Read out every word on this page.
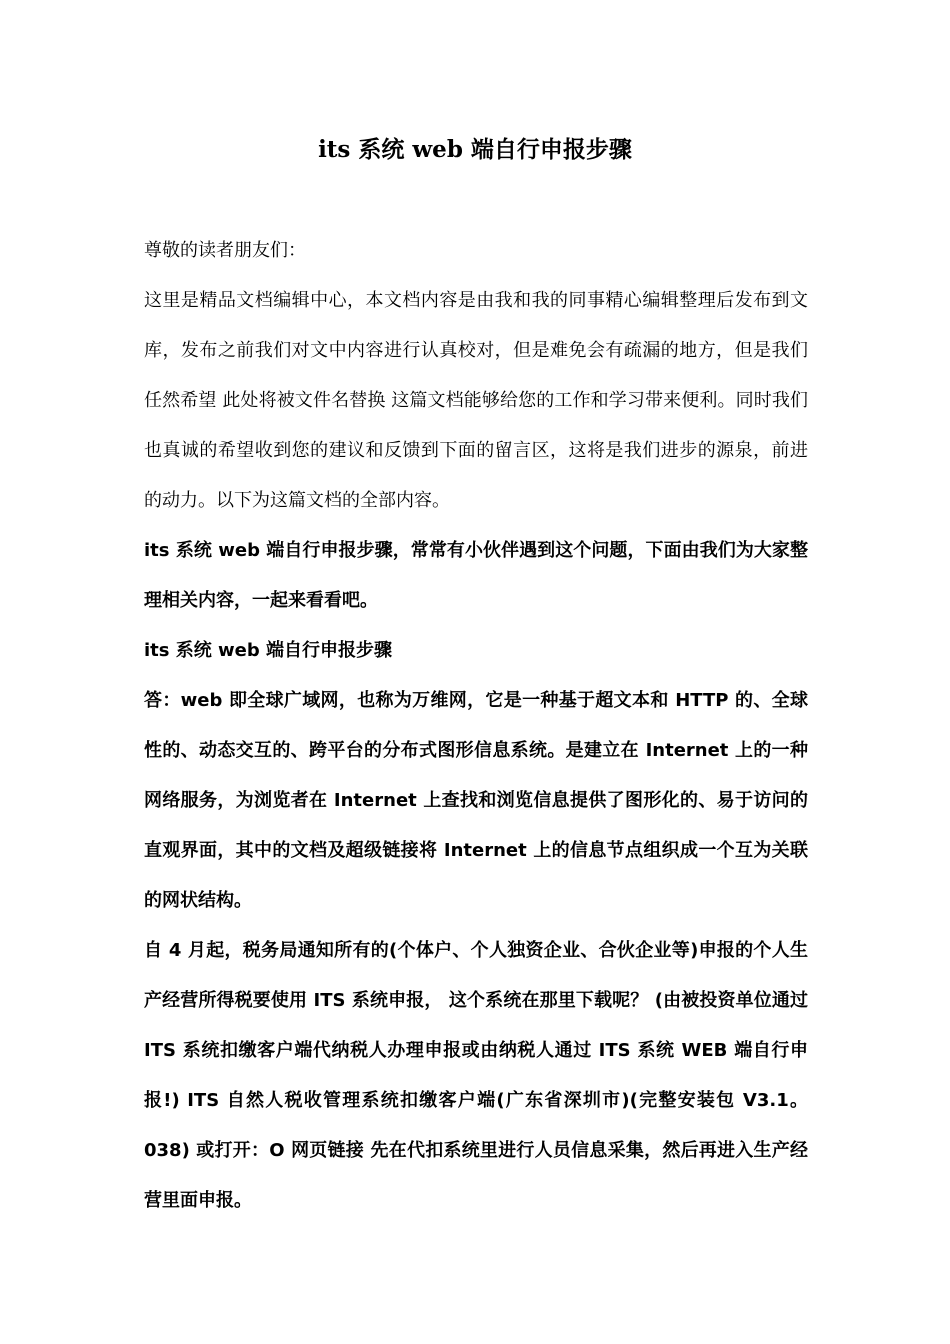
its 系统 web 端自行申报步骤

尊敬的读者朋友们：

这里是精品文档编辑中心，本文档内容是由我和我的同事精心编辑整理后发布到文库，发布之前我们对文中内容进行认真校对，但是难免会有疏漏的地方，但是我们任然希望 此处将被文件名替换 这篇文档能够给您的工作和学习带来便利。同时我们也真诚的希望收到您的建议和反馈到下面的留言区，这将是我们进步的源泉，前进的动力。以下为这篇文档的全部内容。

its 系统 web 端自行申报步骤，常常有小伙伴遇到这个问题，下面由我们为大家整理相关内容，一起来看看吧。

its 系统 web 端自行申报步骤

答：web 即全球广域网，也称为万维网，它是一种基于超文本和 HTTP 的、全球性的、动态交互的、跨平台的分布式图形信息系统。是建立在 Internet 上的一种网络服务，为浏览者在 Internet 上查找和浏览信息提供了图形化的、易于访问的直观界面，其中的文档及超级链接将 Internet 上的信息节点组织成一个互为关联的网状结构。

自 4 月起，税务局通知所有的(个体户、个人独资企业、合伙企业等)申报的个人生产经营所得税要使用 ITS 系统申报， 这个系统在那里下载呢？ (由被投资单位通过 ITS 系统扣缴客户端代纳税人办理申报或由纳税人通过 ITS 系统 WEB 端自行申报!) ITS 自然人税收管理系统扣缴客户端(广东省深圳市)(完整安装包 V3.1。038) 或打开：O 网页链接 先在代扣系统里进行人员信息采集，然后再进入生产经营里面申报。
